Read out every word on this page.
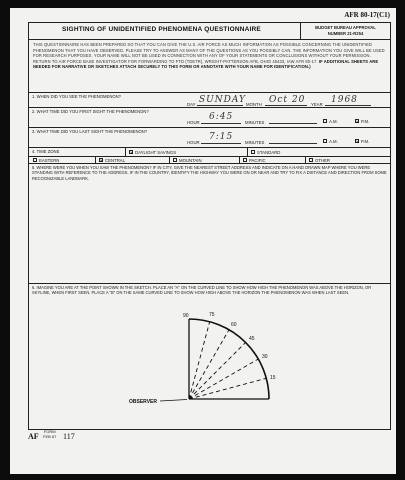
AFR 80-17(C1)
SIGHTING OF UNIDENTIFIED PHENOMENA QUESTIONNAIRE	BUDGET BUREAU APPROVAL
NUMBER 21-R254
THIS QUESTIONNAIRE HAS BEEN PREPARED SO THAT YOU CAN GIVE THE U.S. AIR FORCE AS MUCH INFORMATION AS POSSIBLE CONCERNING THE UNIDENTIFIED PHENOMENON THAT YOU HAVE OBSERVED. PLEASE TRY TO ANSWER AS MANY OF THE QUESTIONS AS YOU POSSIBLY CAN. THE INFORMATION YOU GIVE WILL BE USED FOR RESEARCH PURPOSES. YOUR NAME WILL NOT BE USED IN CONNECTION WITH ANY OF YOUR STATEMENTS OR CONCLUSIONS WITHOUT YOUR PERMISSION. RETURN TO AIR FORCE BASE INVESTIGATOR FOR FORWARDING TO FTD (TDETR), WRIGHT-PATTERSON AFB, OHIO 45433, IAW AFR 80-17. IF ADDITIONAL SHEETS ARE NEEDED FOR NARRATIVE OR SKETCHES ATTACH SECURELY TO THIS FORM OR ANNOTATE WITH YOUR NAME FOR IDENTIFICATION.)
1. WHEN DID YOU SEE THE PHENOMENON?
DAY SUNDAY MONTH Oct 20 YEAR 1968
2. WHAT TIME DID YOU FIRST SIGHT THE PHENOMENON?
HOUR
6:45
MINUTES	A.M.	X P.M.
3. WHAT TIME DID YOU LAST SIGHT THE PHENOMENON?
HOUR
7:15
MINUTES	A.M.	X P.M.
4. TIME ZONE	X DAYLIGHT SAVINGS	STANDARD
EASTERN	X CENTRAL	MOUNTAIN	PACIFIC	OTHER
5. WHERE WERE YOU WHEN YOU SAW THE PHENOMENON? IF IN CITY, GIVE THE NEAREST STREET ADDRESS AND INDICATE ON A HAND DRAWN MAP WHERE YOU WERE STANDING WITH REFERENCE TO THE ADDRESS. IF IN THE COUNTRY, IDENTIFY THE HIGHWAY YOU WERE ON OR NEAR AND TRY TO FIX A DISTANCE AND DIRECTION FROM SOME RECOGNIZABLE LANDMARK.
6. IMAGINE YOU ARE AT THE POINT SHOWN IN THE SKETCH. PLACE AN "A" ON THE CURVED LINE TO SHOW HOW HIGH THE PHENOMENON WAS ABOVE THE HORIZON, OR SKYLINE, WHEN FIRST SEEN. PLACE A "B" ON THE SAME CURVED LINE TO SHOW HOW HIGH ABOVE THE HORIZON THE PHENOMENON WAS WHEN LAST SEEN.
90	75
60
45
30
15
OBSERVER
AF
FORM
FEB 67 117
